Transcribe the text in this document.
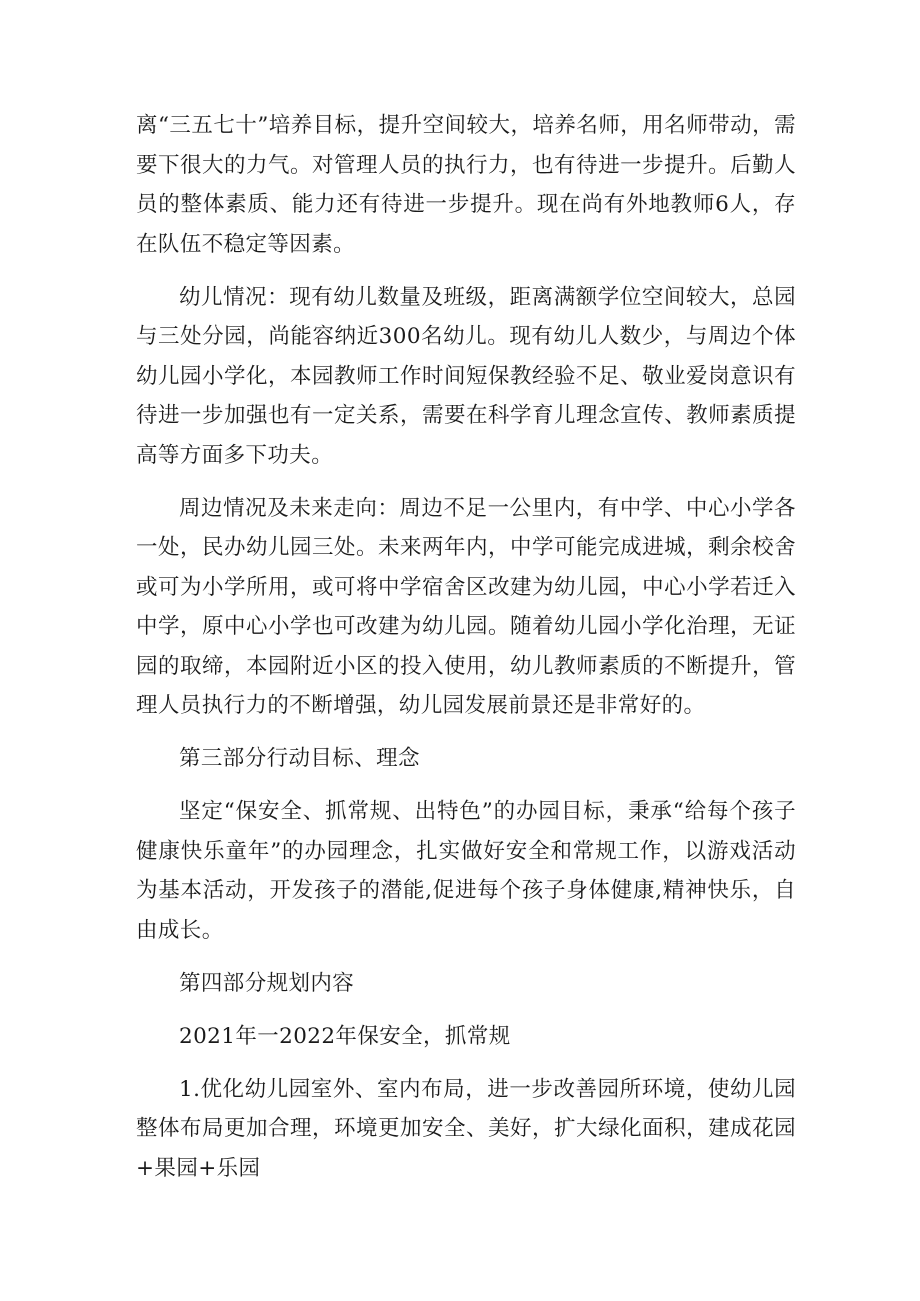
离“三五七十”培养目标，提升空间较大，培养名师，用名师带动，需要下很大的力气。对管理人员的执行力，也有待进一步提升。后勤人员的整体素质、能力还有待进一步提升。现在尚有外地教师6人，存在队伍不稳定等因素。

幼儿情况：现有幼儿数量及班级，距离满额学位空间较大，总园与三处分园，尚能容纳近300名幼儿。现有幼儿人数少，与周边个体幼儿园小学化，本园教师工作时间短保教经验不足、敬业爱岗意识有待进一步加强也有一定关系，需要在科学育儿理念宣传、教师素质提高等方面多下功夫。

周边情况及未来走向：周边不足一公里内，有中学、中心小学各一处，民办幼儿园三处。未来两年内，中学可能完成进城，剩余校舍或可为小学所用，或可将中学宿舍区改建为幼儿园，中心小学若迁入中学，原中心小学也可改建为幼儿园。随着幼儿园小学化治理，无证园的取缔，本园附近小区的投入使用，幼儿教师素质的不断提升，管理人员执行力的不断增强，幼儿园发展前景还是非常好的。

第三部分行动目标、理念

坚定“保安全、抓常规、出特色”的办园目标，秉承“给每个孩子健康快乐童年”的办园理念，扎实做好安全和常规工作，以游戏活动为基本活动，开发孩子的潜能,促进每个孩子身体健康,精神快乐，自由成长。

第四部分规划内容

2021年一2022年保安全，抓常规

1.优化幼儿园室外、室内布局，进一步改善园所环境，使幼儿园整体布局更加合理，环境更加安全、美好，扩大绿化面积，建成花园+果园+乐园
